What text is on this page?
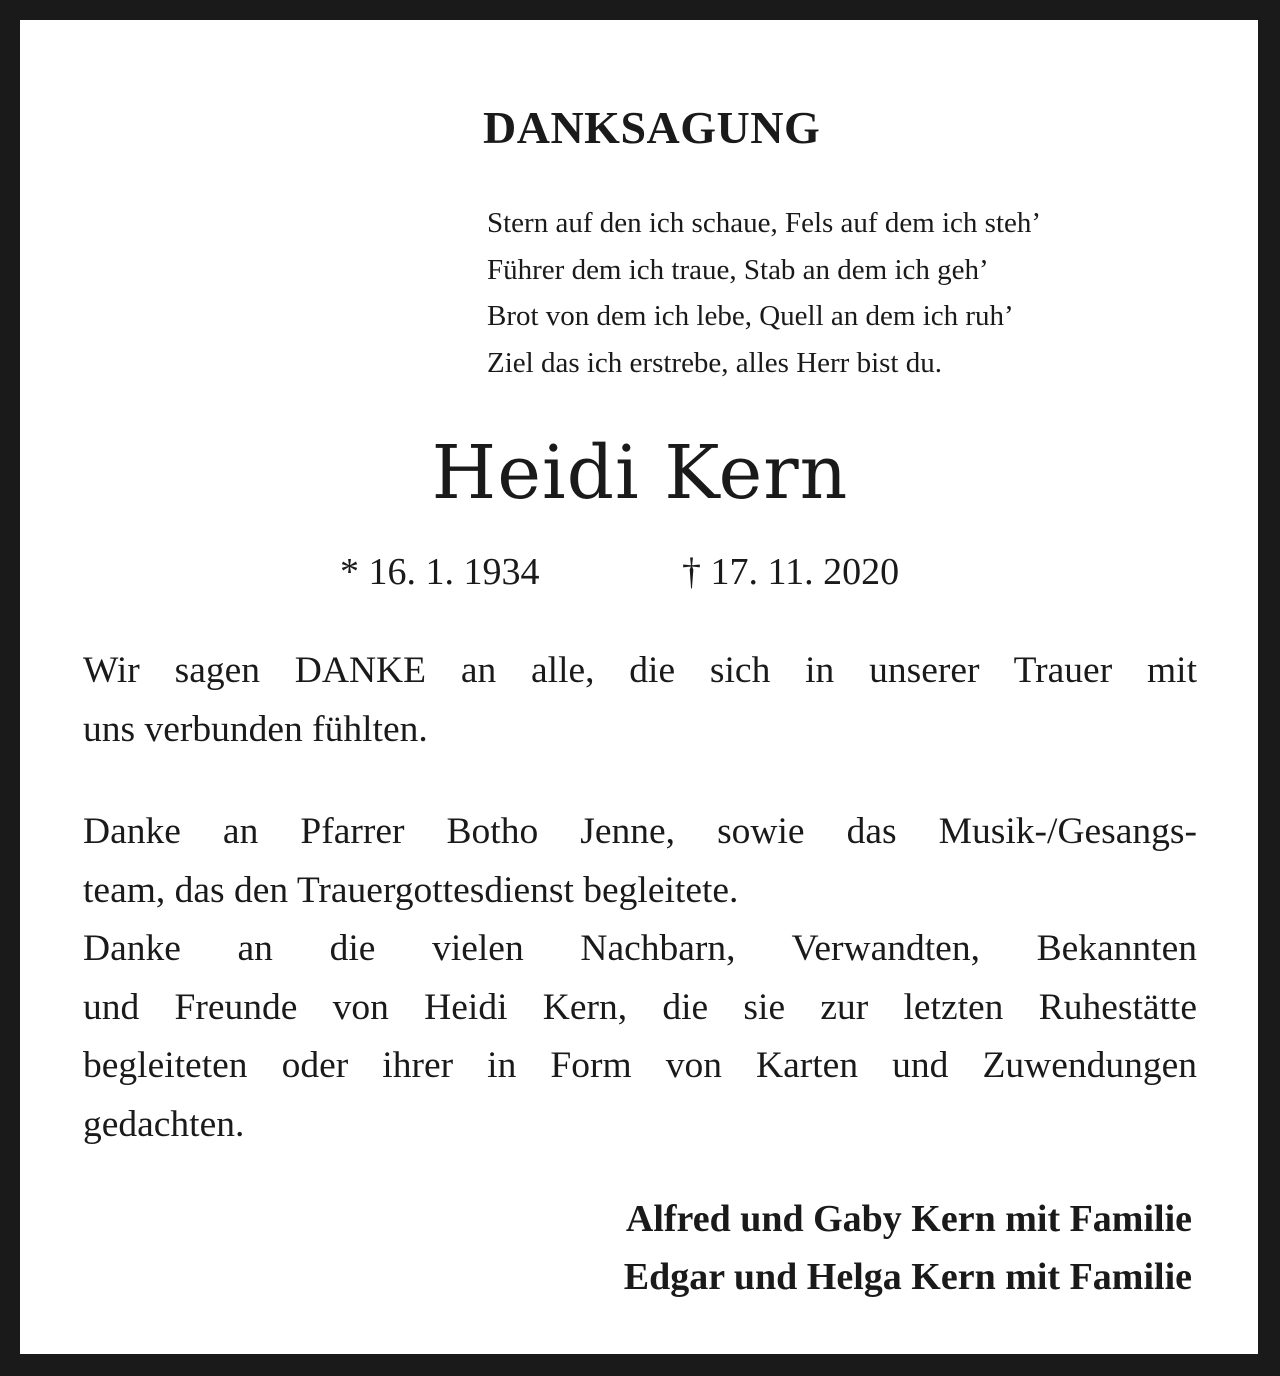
DANKSAGUNG
Stern auf den ich schaue, Fels auf dem ich steh’
Führer dem ich traue, Stab an dem ich geh’
Brot von dem ich lebe, Quell an dem ich ruh’
Ziel das ich erstrebe, alles Herr bist du.
Heidi Kern
* 16. 1. 1934	† 17. 11. 2020
Wir sagen DANKE an alle, die sich in unserer Trauer mit
uns verbunden fühlten.
Danke an Pfarrer Botho Jenne, sowie das Musik-/Gesangs-
team, das den Trauergottesdienst begleitete.
Danke an die vielen Nachbarn, Verwandten, Bekannten
und Freunde von Heidi Kern, die sie zur letzten Ruhestätte
begleiteten oder ihrer in Form von Karten und Zuwendungen
gedachten.
Alfred und Gaby Kern mit Familie
Edgar und Helga Kern mit Familie
